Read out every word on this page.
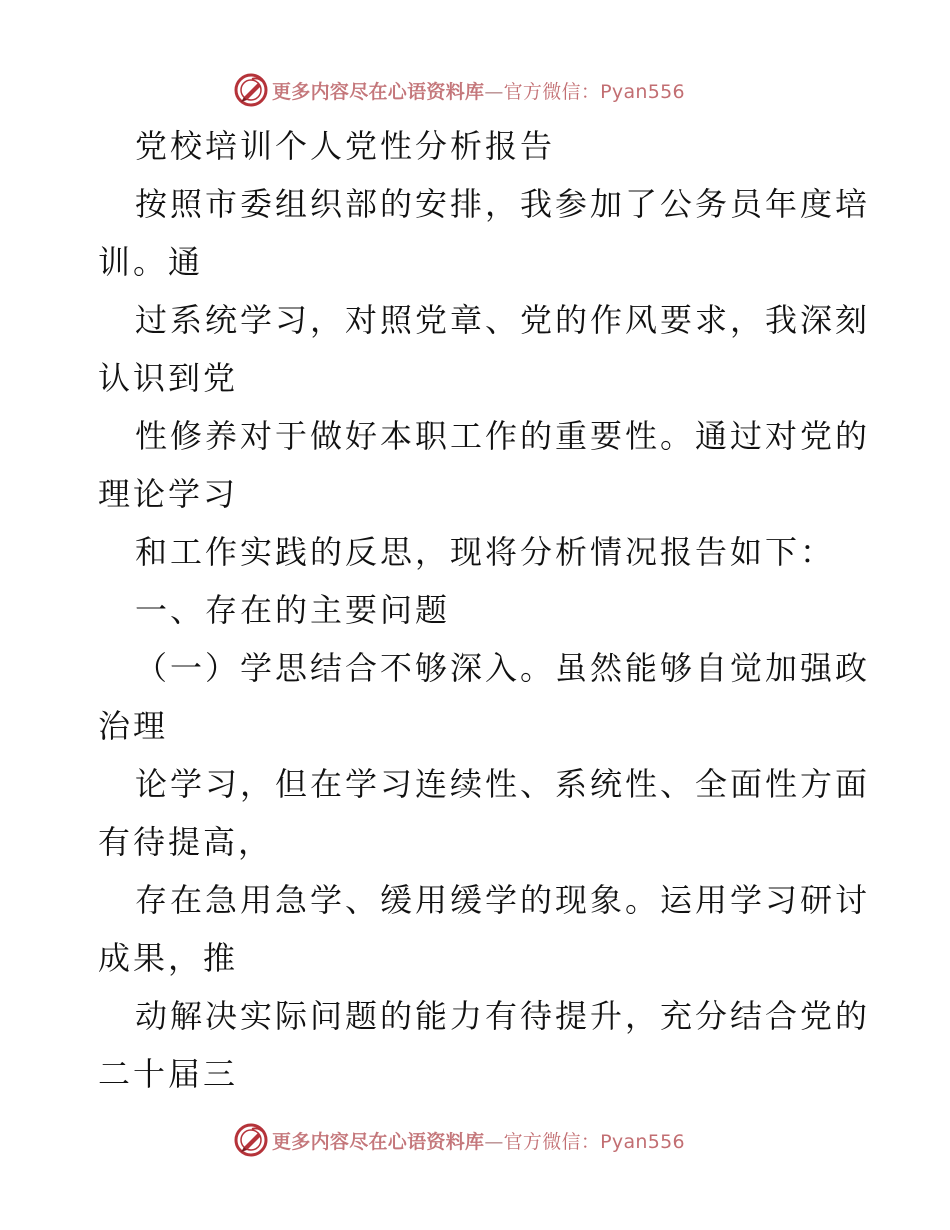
更多内容尽在心语资料库—官方微信：Pyan556
党校培训个人党性分析报告
按照市委组织部的安排，我参加了公务员年度培
训。通
过系统学习，对照党章、党的作风要求，我深刻
认识到党
性修养对于做好本职工作的重要性。通过对党的
理论学习
和工作实践的反思，现将分析情况报告如下：
一、存在的主要问题
（一）学思结合不够深入。虽然能够自觉加强政
治理
论学习，但在学习连续性、系统性、全面性方面
有待提高，
存在急用急学、缓用缓学的现象。运用学习研讨
成果，推
动解决实际问题的能力有待提升，充分结合党的
二十届三
更多内容尽在心语资料库—官方微信：Pyan556
